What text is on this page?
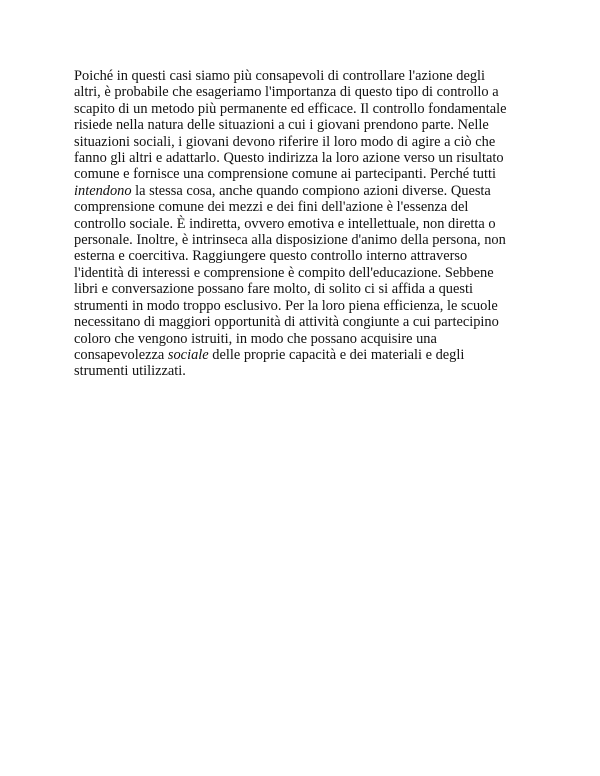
Poiché in questi casi siamo più consapevoli di controllare l'azione degli
altri, è probabile che esageriamo l'importanza di questo tipo di controllo a
scapito di un metodo più permanente ed efficace. Il controllo fondamentale
risiede nella natura delle situazioni a cui i giovani prendono parte. Nelle
situazioni sociali, i giovani devono riferire il loro modo di agire a ciò che
fanno gli altri e adattarlo. Questo indirizza la loro azione verso un risultato
comune e fornisce una comprensione comune ai partecipanti. Perché tutti
intendono la stessa cosa, anche quando compiono azioni diverse. Questa
comprensione comune dei mezzi e dei fini dell'azione è l'essenza del
controllo sociale. È indiretta, ovvero emotiva e intellettuale, non diretta o
personale. Inoltre, è intrinseca alla disposizione d'animo della persona, non
esterna e coercitiva. Raggiungere questo controllo interno attraverso
l'identità di interessi e comprensione è compito dell'educazione. Sebbene
libri e conversazione possano fare molto, di solito ci si affida a questi
strumenti in modo troppo esclusivo. Per la loro piena efficienza, le scuole
necessitano di maggiori opportunità di attività congiunte a cui partecipino
coloro che vengono istruiti, in modo che possano acquisire una
consapevolezza sociale delle proprie capacità e dei materiali e degli
strumenti utilizzati.
